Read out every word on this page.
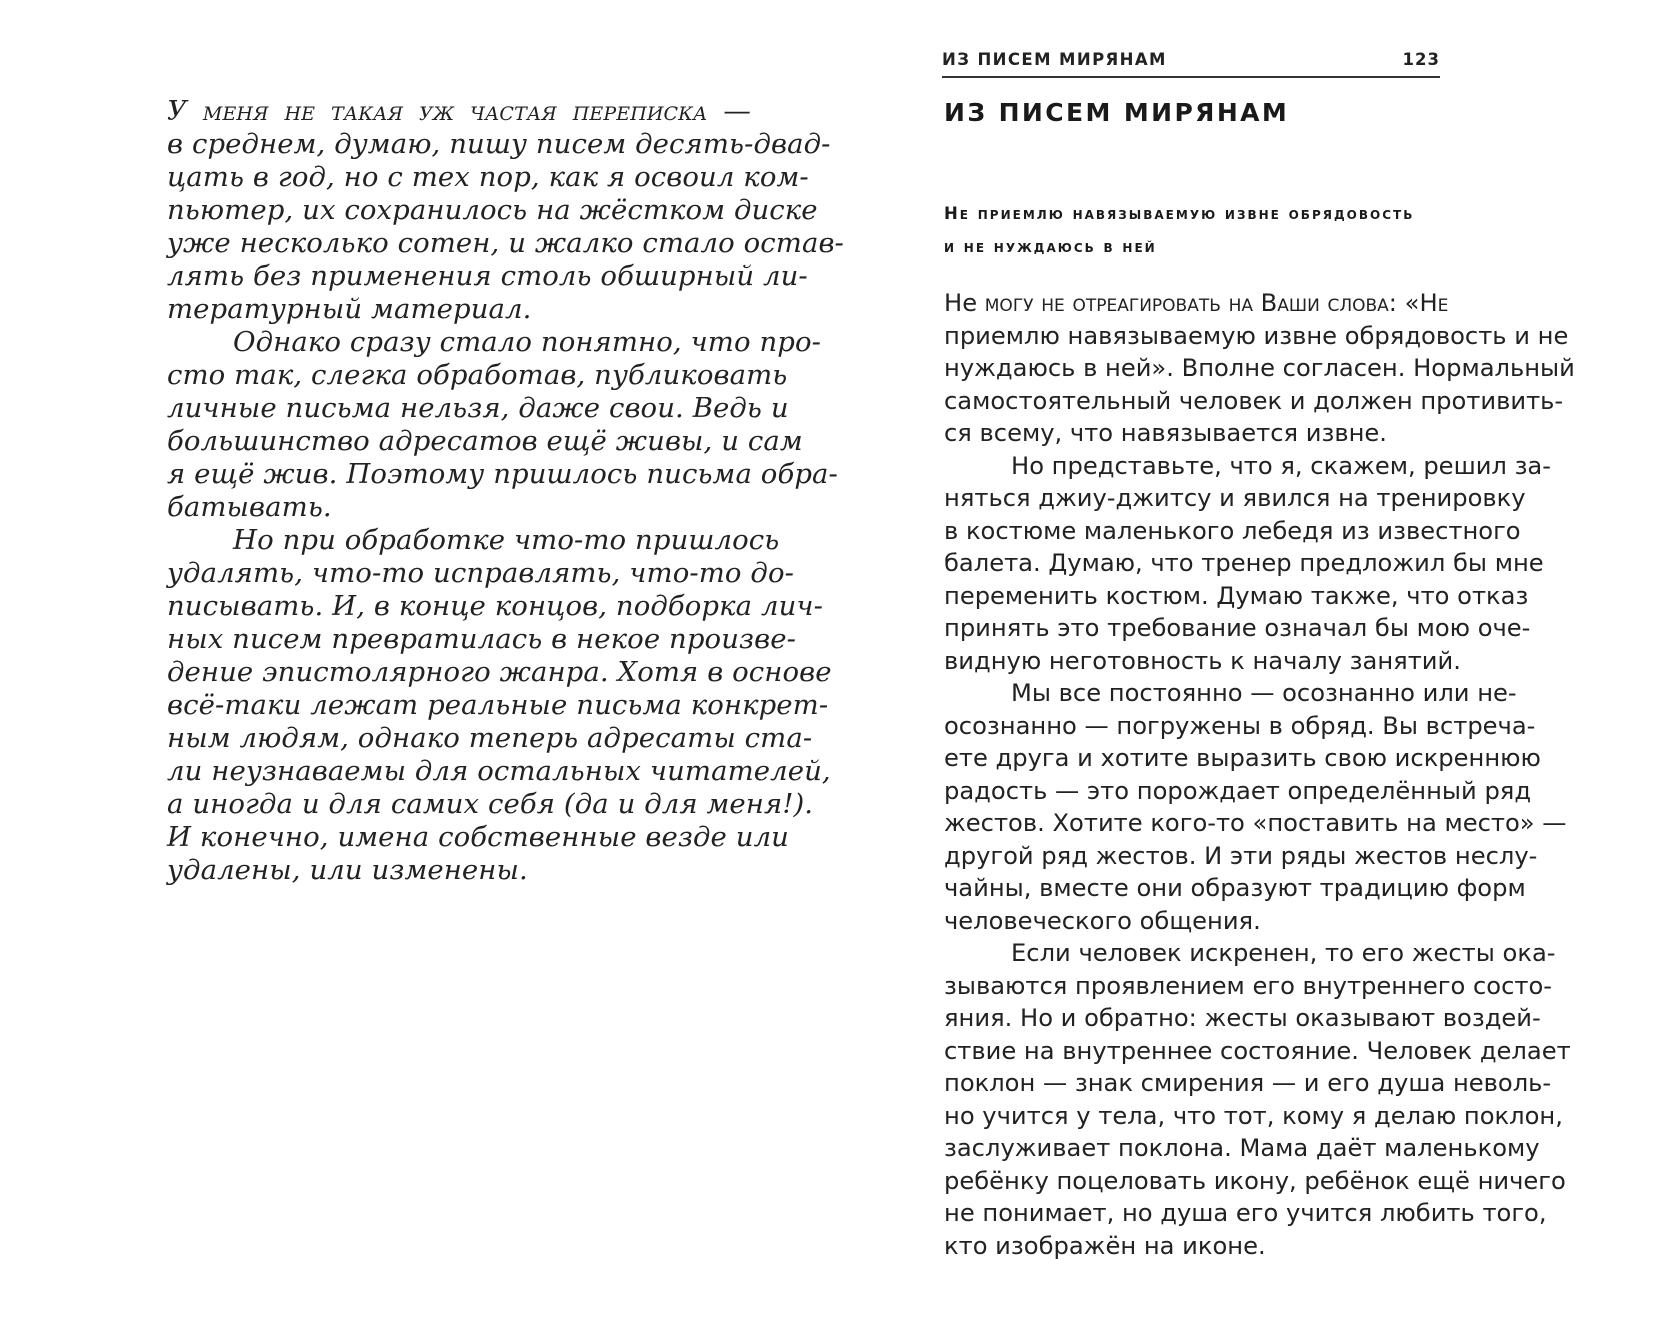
У меня не такая уж частая переписка —
в среднем, думаю, пишу писем десять-двад-
цать в год, но с тех пор, как я освоил ком-
пьютер, их сохранилось на жёстком диске
уже несколько сотен, и жалко стало остав-
лять без применения столь обширный ли-
тературный материал.
Однако сразу стало понятно, что про-
сто так, слегка обработав, публиковать
личные письма нельзя, даже свои. Ведь и
большинство адресатов ещё живы, и сам
я ещё жив. Поэтому пришлось письма обра-
батывать.
Но при обработке что-то пришлось
удалять, что-то исправлять, что-то до-
писывать. И, в конце концов, подборка лич-
ных писем превратилась в некое произве-
дение эпистолярного жанра. Хотя в основе
всё-таки лежат реальные письма конкрет-
ным людям, однако теперь адресаты ста-
ли неузнаваемы для остальных читателей,
а иногда и для самих себя (да и для меня!).
И конечно, имена собственные везде или
удалены, или изменены.
ИЗ ПИСЕМ МИРЯНАМ	123
ИЗ ПИСЕМ МИРЯНАМ
Не приемлю навязываемую извне обрядовость
и не нуждаюсь в ней
Не могу не отреагировать на Ваши слова: «Не
приемлю навязываемую извне обрядовость и не
нуждаюсь в ней». Вполне согласен. Нормальный
самостоятельный человек и должен противить-
ся всему, что навязывается извне.
Но представьте, что я, скажем, решил за-
няться джиу-джитсу и явился на тренировку
в костюме маленького лебедя из известного
балета. Думаю, что тренер предложил бы мне
переменить костюм. Думаю также, что отказ
принять это требование означал бы мою оче-
видную неготовность к началу занятий.
Мы все постоянно — осознанно или не-
осознанно — погружены в обряд. Вы встреча-
ете друга и хотите выразить свою искреннюю
радость — это порождает определённый ряд
жестов. Хотите кого-то «поставить на место» —
другой ряд жестов. И эти ряды жестов неслу-
чайны, вместе они образуют традицию форм
человеческого общения.
Если человек искренен, то его жесты ока-
зываются проявлением его внутреннего состо-
яния. Но и обратно: жесты оказывают воздей-
ствие на внутреннее состояние. Человек делает
поклон — знак смирения — и его душа неволь-
но учится у тела, что тот, кому я делаю поклон,
заслуживает поклона. Мама даёт маленькому
ребёнку поцеловать икону, ребёнок ещё ничего
не понимает, но душа его учится любить того,
кто изображён на иконе.
